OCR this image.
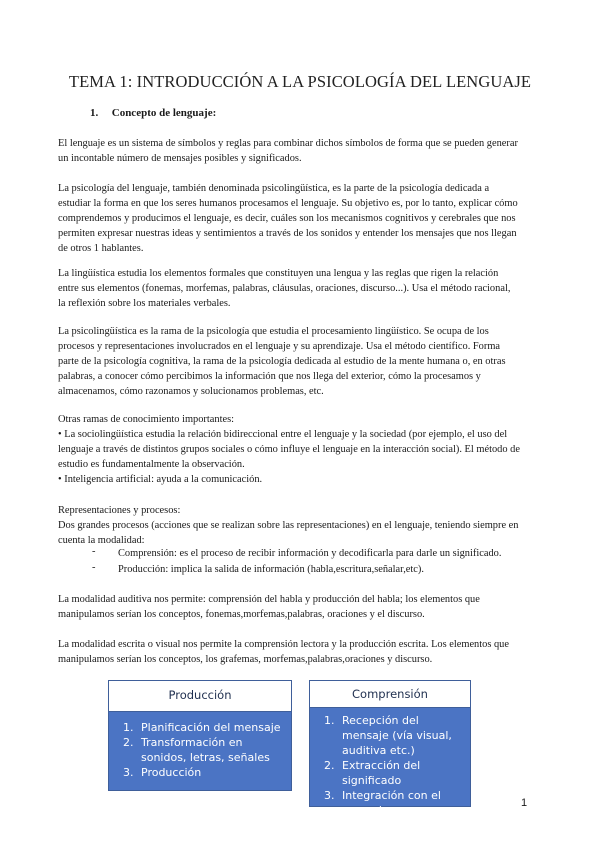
TEMA 1: INTRODUCCIÓN A LA PSICOLOGÍA DEL LENGUAJE
1. Concepto de lenguaje:
El lenguaje es un sistema de símbolos y reglas para combinar dichos símbolos de forma que se pueden generar
un incontable número de mensajes posibles y significados.
La psicología del lenguaje, también denominada psicolingüística, es la parte de la psicología dedicada a
estudiar la forma en que los seres humanos procesamos el lenguaje. Su objetivo es, por lo tanto, explicar cómo
comprendemos y producimos el lenguaje, es decir, cuáles son los mecanismos cognitivos y cerebrales que nos
permiten expresar nuestras ideas y sentimientos a través de los sonidos y entender los mensajes que nos llegan
de otros 1 hablantes.
La lingüística estudia los elementos formales que constituyen una lengua y las reglas que rigen la relación
entre sus elementos (fonemas, morfemas, palabras, cláusulas, oraciones, discurso...). Usa el método racional,
la reflexión sobre los materiales verbales.
La psicolingüística es la rama de la psicología que estudia el procesamiento lingüístico. Se ocupa de los
procesos y representaciones involucrados en el lenguaje y su aprendizaje. Usa el método científico. Forma
parte de la psicología cognitiva, la rama de la psicología dedicada al estudio de la mente humana o, en otras
palabras, a conocer cómo percibimos la información que nos llega del exterior, cómo la procesamos y
almacenamos, cómo razonamos y solucionamos problemas, etc.
Otras ramas de conocimiento importantes:
• La sociolingüística estudia la relación bidireccional entre el lenguaje y la sociedad (por ejemplo, el uso del
lenguaje a través de distintos grupos sociales o cómo influye el lenguaje en la interacción social). El método de
estudio es fundamentalmente la observación.
• Inteligencia artificial: ayuda a la comunicación.
Representaciones y procesos:
Dos grandes procesos (acciones que se realizan sobre las representaciones) en el lenguaje, teniendo siempre en
cuenta la modalidad:
- Comprensión: es el proceso de recibir información y decodificarla para darle un significado.
- Producción: implica la salida de información (habla,escritura,señalar,etc).
La modalidad auditiva nos permite: comprensión del habla y producción del habla; los elementos que
manipulamos serían los conceptos, fonemas,morfemas,palabras, oraciones y el discurso.
La modalidad escrita o visual nos permite la comprensión lectora y la producción escrita. Los elementos que
manipulamos serían los conceptos, los grafemas, morfemas,palabras,oraciones y discurso.
Producción
1. Planificación del mensaje
2. Transformación en sonidos, letras, señales
3. Producción
Comprensión
1. Recepción del mensaje (vía visual, auditiva etc.)
2. Extracción del significado
3. Integración con el mensaje y conocimiento
1
